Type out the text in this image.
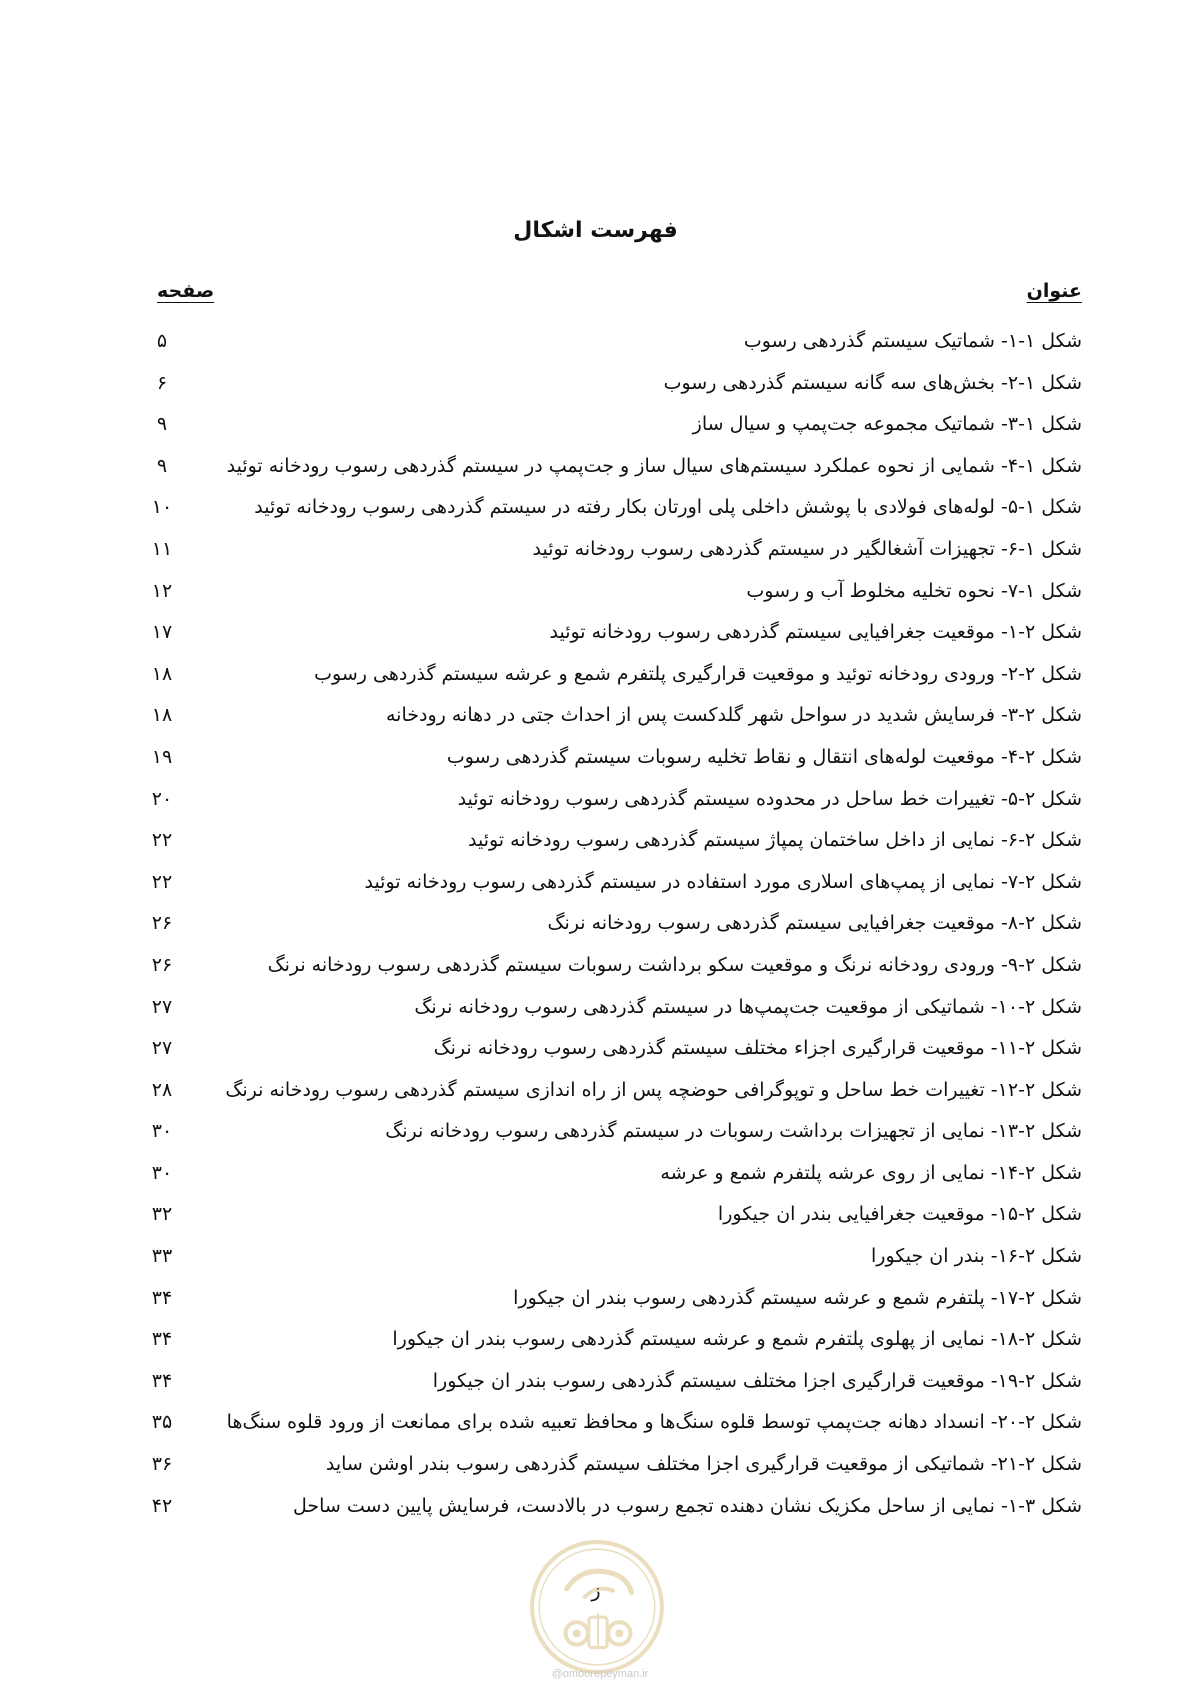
فهرست اشکال
عنوان
صفحه
شکل ۱-۱- شماتیک سیستم گذردهی رسوب
۵
شکل ۱-۲- بخش‌های سه گانه سیستم گذردهی رسوب
۶
شکل ۱-۳- شماتیک مجموعه جت‌پمپ و سیال ساز
۹
شکل ۱-۴- شمایی از نحوه عملکرد سیستم‌های سیال ساز و جت‌پمپ در سیستم گذردهی رسوب رودخانه توئید
۹
شکل ۱-۵- لوله‌های فولادی با پوشش داخلی پلی اورتان بکار رفته در سیستم گذردهی رسوب رودخانه توئید
۱۰
شکل ۱-۶- تجهیزات آشغالگیر در سیستم گذردهی رسوب رودخانه توئید
۱۱
شکل ۱-۷- نحوه تخلیه مخلوط آب و رسوب
۱۲
شکل ۲-۱- موقعیت جغرافیایی سیستم گذردهی رسوب رودخانه توئید
۱۷
شکل ۲-۲- ورودی رودخانه توئید و موقعیت قرارگیری پلتفرم شمع و عرشه سیستم گذردهی رسوب
۱۸
شکل ۲-۳- فرسایش شدید در سواحل شهر گلدکست پس از احداث جتی در دهانه رودخانه
۱۸
شکل ۲-۴- موقعیت لوله‌های انتقال و نقاط تخلیه رسوبات سیستم گذردهی رسوب
۱۹
شکل ۲-۵- تغییرات خط ساحل در محدوده سیستم گذردهی رسوب رودخانه توئید
۲۰
شکل ۲-۶- نمایی از داخل ساختمان پمپاژ سیستم گذردهی رسوب رودخانه توئید
۲۲
شکل ۲-۷- نمایی از پمپ‌های اسلاری مورد استفاده در سیستم گذردهی رسوب رودخانه توئید
۲۲
شکل ۲-۸- موقعیت جغرافیایی سیستم گذردهی رسوب رودخانه نرنگ
۲۶
شکل ۲-۹- ورودی رودخانه نرنگ و موقعیت سکو برداشت رسوبات سیستم گذردهی رسوب رودخانه نرنگ
۲۶
شکل ۲-۱۰- شماتیکی از موقعیت جت‌پمپ‌ها در سیستم گذردهی رسوب رودخانه نرنگ
۲۷
شکل ۲-۱۱- موقعیت قرارگیری اجزاء مختلف سیستم گذردهی رسوب رودخانه نرنگ
۲۷
شکل ۲-۱۲- تغییرات خط ساحل و توپوگرافی حوضچه پس از راه اندازی سیستم گذردهی رسوب رودخانه نرنگ
۲۸
شکل ۲-۱۳- نمایی از تجهیزات برداشت رسوبات در سیستم گذردهی رسوب رودخانه نرنگ
۳۰
شکل ۲-۱۴- نمایی از روی عرشه پلتفرم شمع و عرشه
۳۰
شکل ۲-۱۵- موقعیت جغرافیایی بندر ان جیکورا
۳۲
شکل ۲-۱۶- بندر ان جیکورا
۳۳
شکل ۲-۱۷- پلتفرم شمع و عرشه سیستم گذردهی رسوب بندر ان جیکورا
۳۴
شکل ۲-۱۸- نمایی از پهلوی پلتفرم شمع و عرشه سیستم گذردهی رسوب بندر ان جیکورا
۳۴
شکل ۲-۱۹- موقعیت قرارگیری اجزا مختلف سیستم گذردهی رسوب بندر ان جیکورا
۳۴
شکل ۲-۲۰- انسداد دهانه جت‌پمپ توسط قلوه سنگ‌ها و محافظ تعبیه شده برای ممانعت از ورود قلوه سنگ‌ها
۳۵
شکل ۲-۲۱- شماتیکی از موقعیت قرارگیری اجزا مختلف سیستم گذردهی رسوب بندر اوشن ساید
۳۶
شکل ۳-۱- نمایی از ساحل مکزیک نشان دهنده تجمع رسوب در بالادست، فرسایش پایین دست ساحل
۴۲
ز
@omoorepeyman.ir
